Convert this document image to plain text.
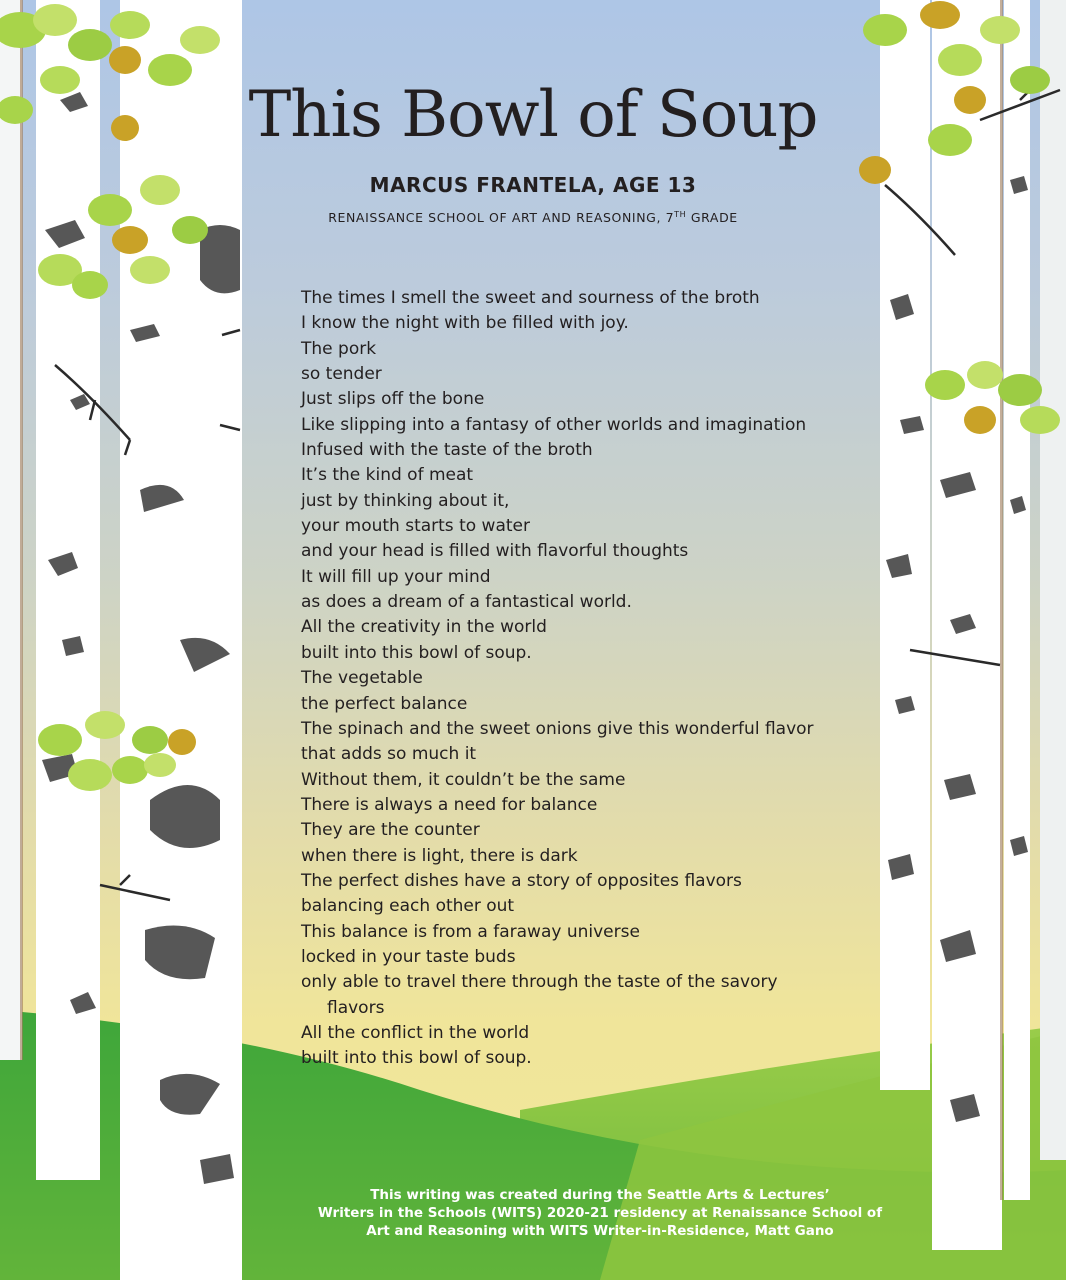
This Bowl of Soup
MARCUS FRANTELA, AGE 13
RENAISSANCE SCHOOL OF ART AND REASONING, 7TH GRADE
The times I smell the sweet and sourness of the broth
I know the night with be filled with joy.
The pork
so tender
Just slips off the bone
Like slipping into a fantasy of other worlds and imagination
Infused with the taste of the broth
It’s the kind of meat
just by thinking about it,
your mouth starts to water
and your head is filled with flavorful thoughts
It will fill up your mind
as does a dream of a fantastical world.
All the creativity in the world
built into this bowl of soup.
The vegetable
the perfect balance
The spinach and the sweet onions give this wonderful flavor
that adds so much it
Without them, it couldn’t be the same
There is always a need for balance
They are the counter
when there is light, there is dark
The perfect dishes have a story of opposites flavors
balancing each other out
This balance is from a faraway universe
locked in your taste buds
only able to travel there through the taste of the savory
flavors
All the conflict in the world
built into this bowl of soup.
This writing was created during the Seattle Arts & Lectures’
Writers in the Schools (WITS) 2020-21 residency at Renaissance School of
Art and Reasoning with WITS Writer-in-Residence, Matt Gano
